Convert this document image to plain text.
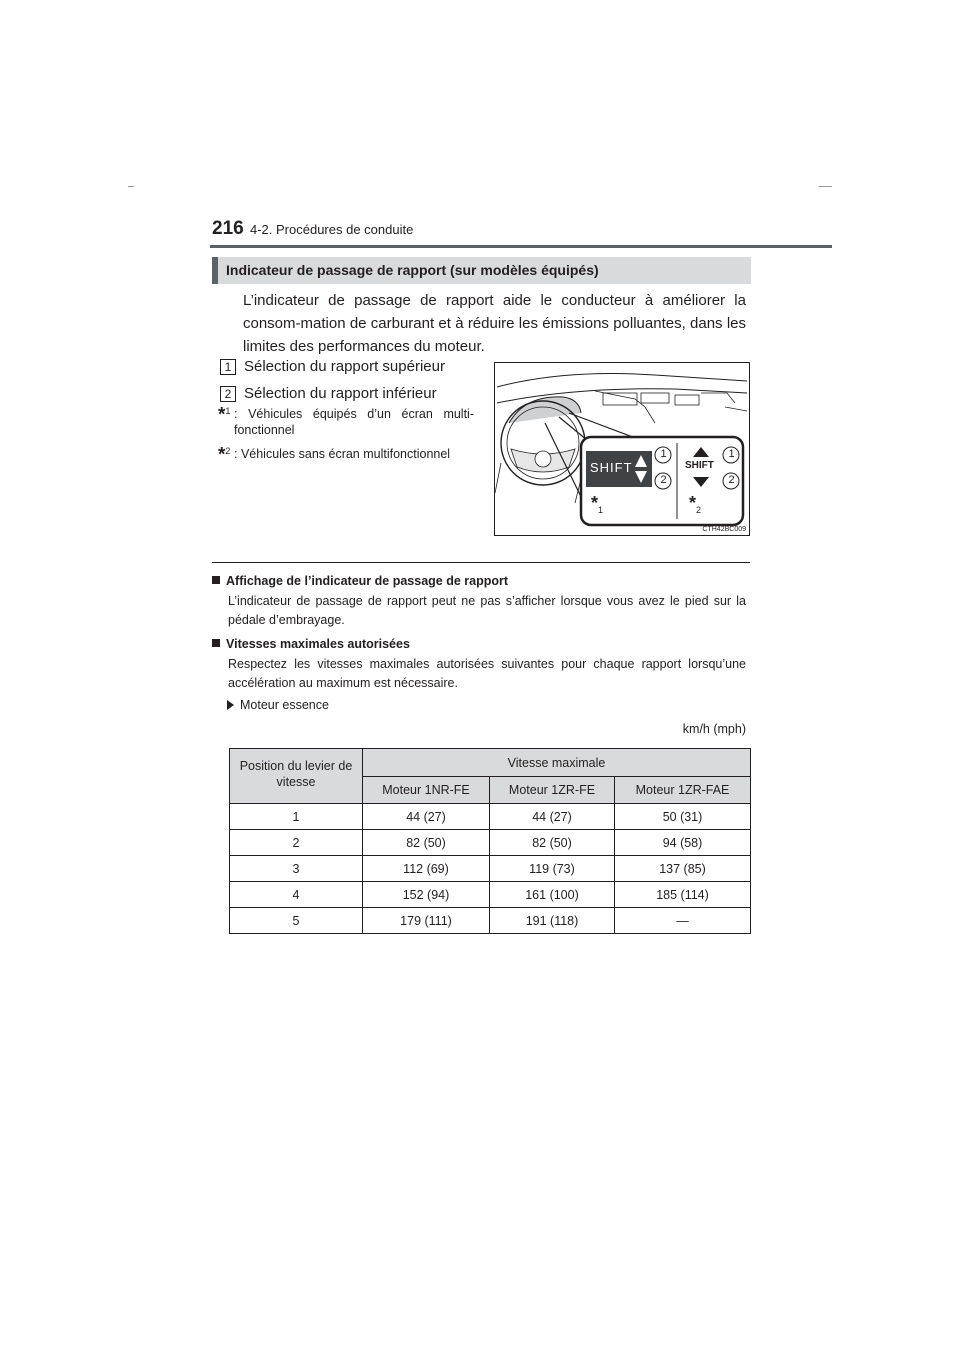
216 4-2. Procédures de conduite
Indicateur de passage de rapport (sur modèles équipés)
L’indicateur de passage de rapport aide le conducteur à améliorer la consom-mation de carburant et à réduire les émissions polluantes, dans les limites des performances du moteur.
1 Sélection du rapport supérieur
2 Sélection du rapport inférieur
*$^1$ : Véhicules équipés d’un écran multi-fonctionnel
*$^2$ : Véhicules sans écran multifonctionnel
SHIFT	SHIFT
1
2
1
2
$*_1$	$*_2$
CTH42BC009
Affichage de l’indicateur de passage de rapport
L’indicateur de passage de rapport peut ne pas s’afficher lorsque vous avez le pied sur la pédale d’embrayage.
Vitesses maximales autorisées
Respectez les vitesses maximales autorisées suivantes pour chaque rapport lorsqu’une accélération au maximum est nécessaire.
Moteur essence
km/h (mph)
Position du levier de vitesse	Vitesse maximale		
	Moteur 1NR-FE	Moteur 1ZR-FE	Moteur 1ZR-FAE
1	44 (27)	44 (27)	50 (31)
2	82 (50)	82 (50)	94 (58)
3	112 (69)	119 (73)	137 (85)
4	152 (94)	161 (100)	185 (114)
5	179 (111)	191 (118)	—
